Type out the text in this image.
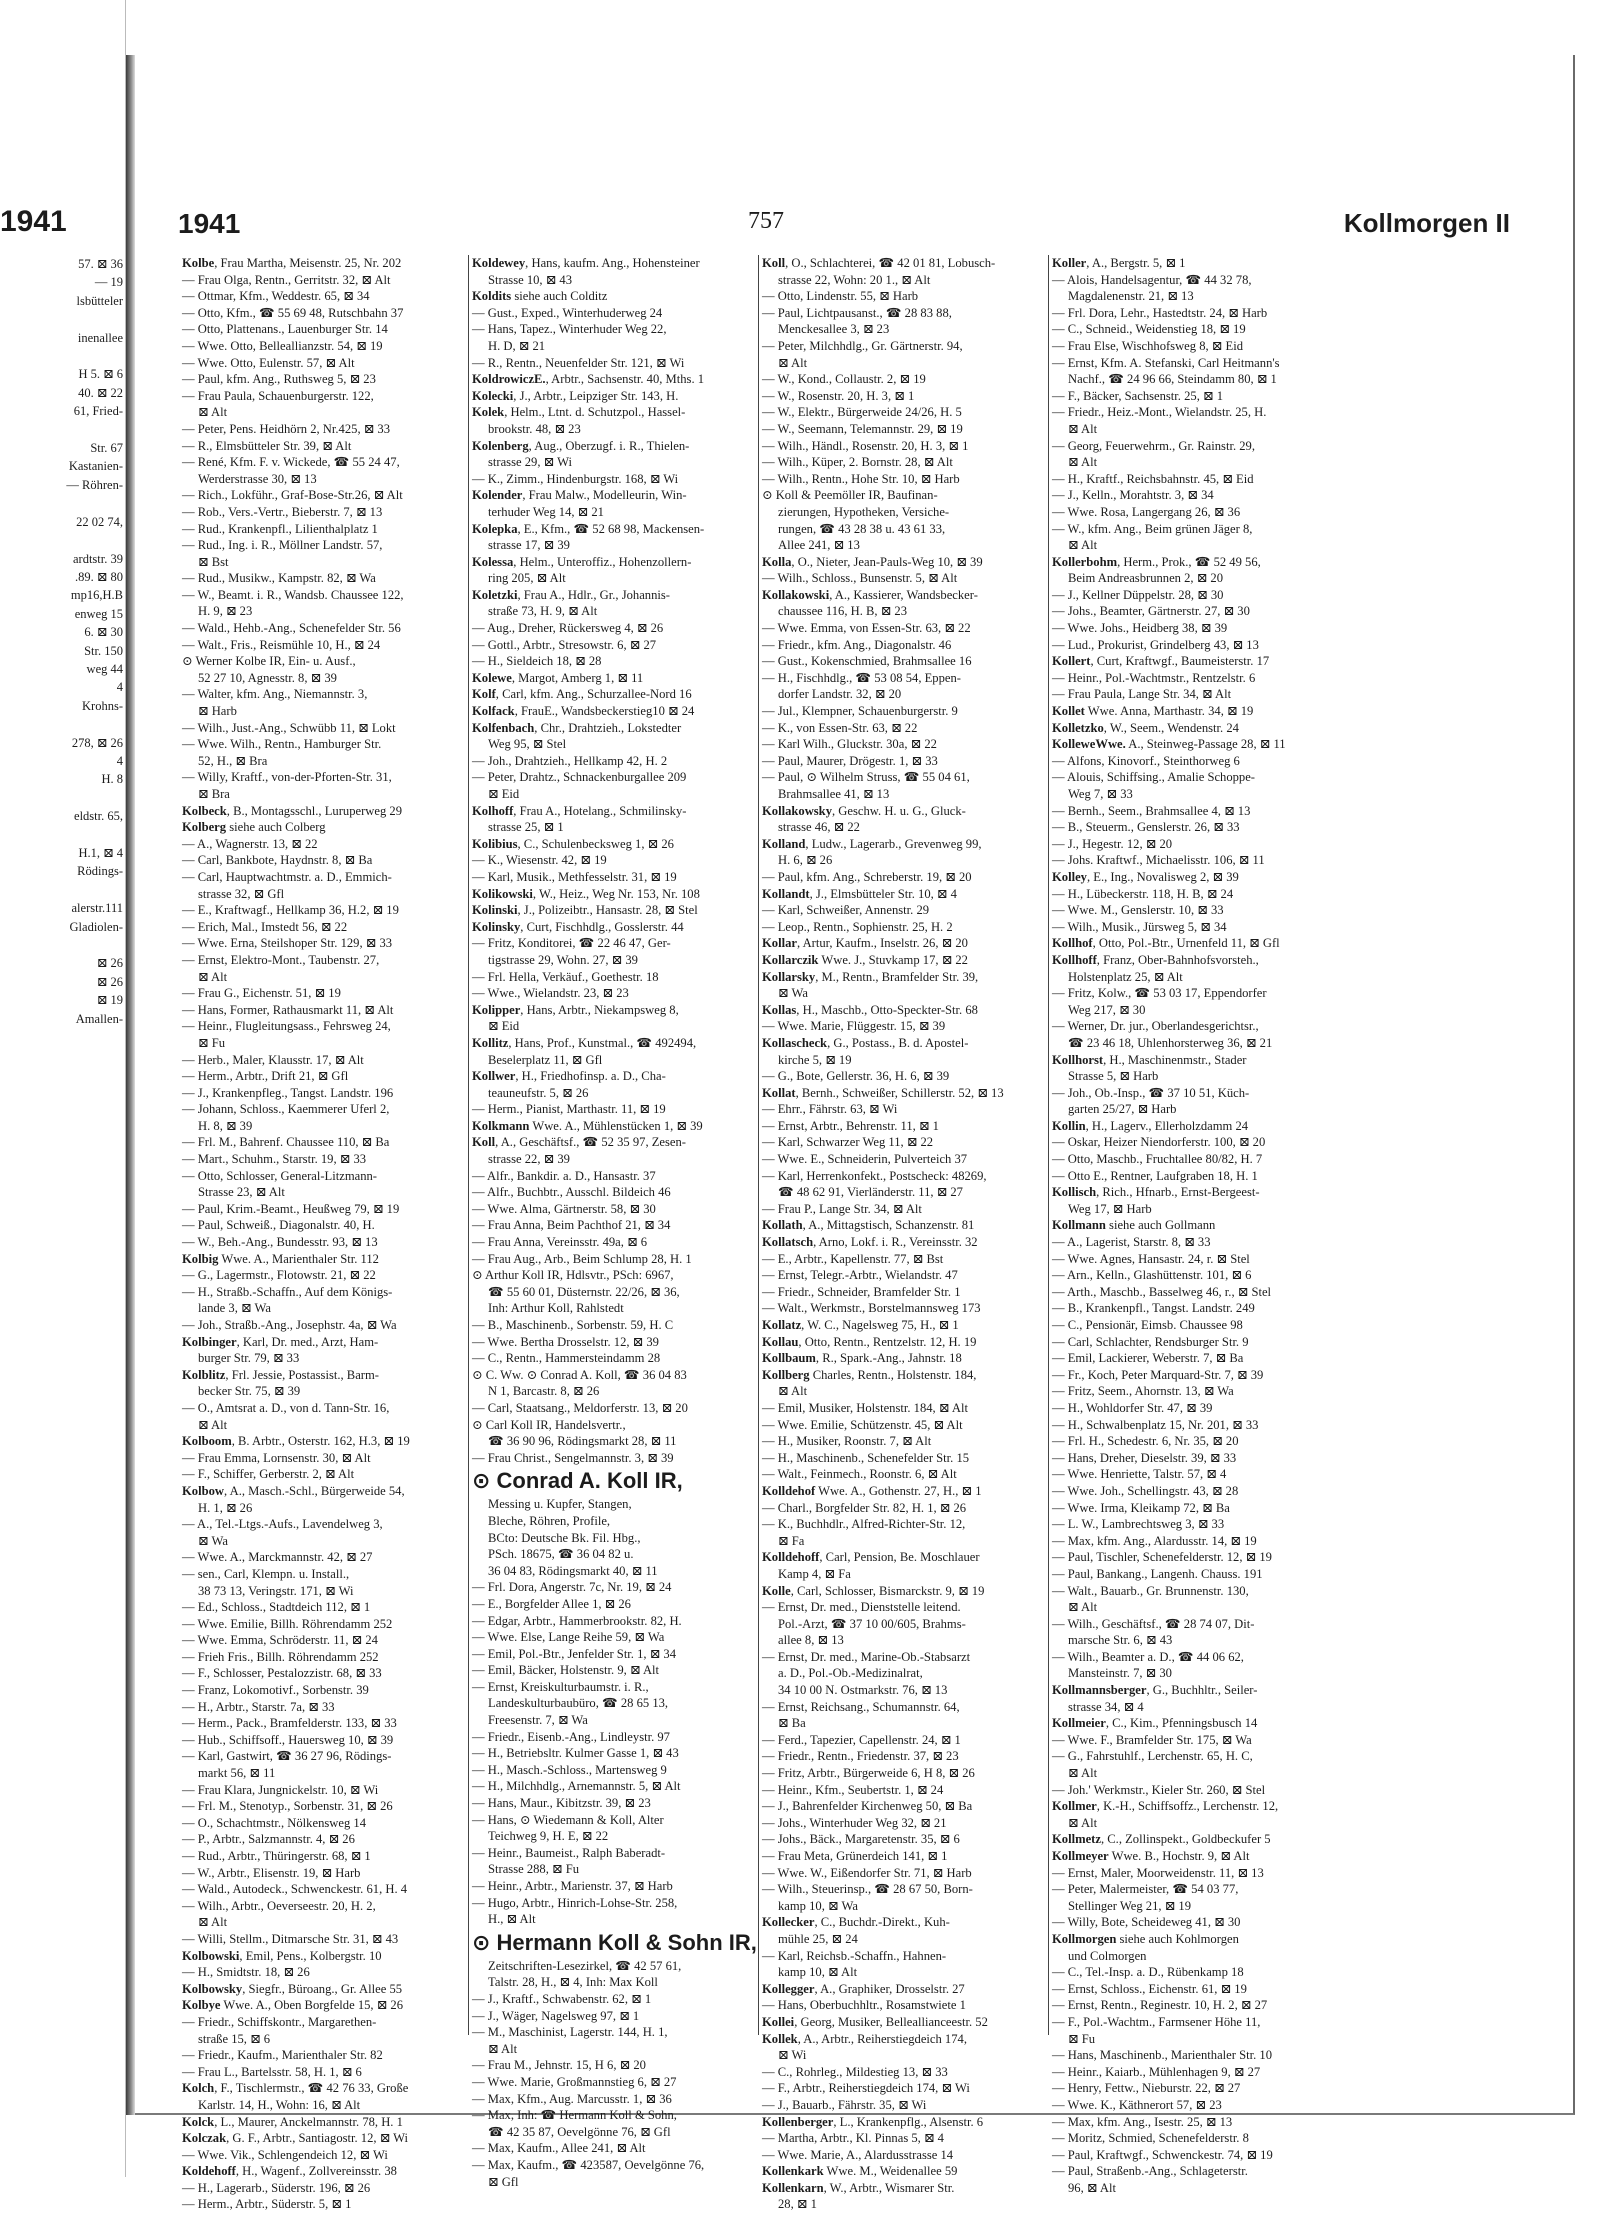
1941
57. ⊠ 36
— 19
lsbütteler

inenallee

H 5. ⊠ 6
40. ⊠ 22
61, Fried-

Str. 67
Kastanien-
— Röhren-

22 02 74,

ardtstr. 39
.89. ⊠ 80
mp16,H.B
enweg 15
6. ⊠ 30
Str. 150
weg 44
4
Krohns-

278, ⊠ 26
4
H. 8

eldstr. 65,

H.1, ⊠ 4
Rödings-

alerstr.111
Gladiolen-

⊠ 26
⊠ 26
⊠ 19
Amallen-
1941	757	Kollmorgen II
Kolbe, Frau Martha, Meisenstr. 25, Nr. 202
— Frau Olga, Rentn., Gerritstr. 32, ⊠ Alt
— Ottmar, Kfm., Weddestr. 65, ⊠ 34
— Otto, Kfm., ☎ 55 69 48, Rutschbahn 37
— Otto, Plattenans., Lauenburger Str. 14
— Wwe. Otto, Belleallianzstr. 54, ⊠ 19
— Wwe. Otto, Eulenstr. 57, ⊠ Alt
— Paul, kfm. Ang., Ruthsweg 5, ⊠ 23
— Frau Paula, Schauenburgerstr. 122,
⊠ Alt
— Peter, Pens. Heidhörn 2, Nr.425, ⊠ 33
— R., Elmsbütteler Str. 39, ⊠ Alt
— René, Kfm. F. v. Wickede, ☎ 55 24 47,
Werderstrasse 30, ⊠ 13
— Rich., Lokführ., Graf-Bose-Str.26, ⊠ Alt
— Rob., Vers.-Vertr., Bieberstr. 7, ⊠ 13
— Rud., Krankenpfl., Lilienthalplatz 1
— Rud., Ing. i. R., Möllner Landstr. 57,
⊠ Bst
— Rud., Musikw., Kampstr. 82, ⊠ Wa
— W., Beamt. i. R., Wandsb. Chaussee 122,
H. 9, ⊠ 23
— Wald., Hehb.-Ang., Schenefelder Str. 56
— Walt., Fris., Reismühle 10, H., ⊠ 24
⊙ Werner Kolbe IR, Ein- u. Ausf.,
52 27 10, Agnesstr. 8, ⊠ 39
— Walter, kfm. Ang., Niemannstr. 3,
⊠ Harb
— Wilh., Just.-Ang., Schwübb 11, ⊠ Lokt
— Wwe. Wilh., Rentn., Hamburger Str.
52, H., ⊠ Bra
— Willy, Kraftf., von-der-Pforten-Str. 31,
⊠ Bra
Kolbeck, B., Montagsschl., Luruperweg 29
Kolberg siehe auch Colberg
— A., Wagnerstr. 13, ⊠ 22
— Carl, Bankbote, Haydnstr. 8, ⊠ Ba
— Carl, Hauptwachtmstr. a. D., Emmich-
strasse 32, ⊠ Gfl
— E., Kraftwagf., Hellkamp 36, H.2, ⊠ 19
— Erich, Mal., Imstedt 56, ⊠ 22
— Wwe. Erna, Steilshoper Str. 129, ⊠ 33
— Ernst, Elektro-Mont., Taubenstr. 27,
⊠ Alt
— Frau G., Eichenstr. 51, ⊠ 19
— Hans, Former, Rathausmarkt 11, ⊠ Alt
— Heinr., Flugleitungsass., Fehrsweg 24,
⊠ Fu
— Herb., Maler, Klausstr. 17, ⊠ Alt
— Herm., Arbtr., Drift 21, ⊠ Gfl
— J., Krankenpfleg., Tangst. Landstr. 196
— Johann, Schloss., Kaemmerer Uferl 2,
H. 8, ⊠ 39
— Frl. M., Bahrenf. Chaussee 110, ⊠ Ba
— Mart., Schuhm., Starstr. 19, ⊠ 33
— Otto, Schlosser, General-Litzmann-
Strasse 23, ⊠ Alt
— Paul, Krim.-Beamt., Heußweg 79, ⊠ 19
— Paul, Schweiß., Diagonalstr. 40, H.
— W., Beh.-Ang., Bundesstr. 93, ⊠ 13
Kolbig Wwe. A., Marienthaler Str. 112
— G., Lagermstr., Flotowstr. 21, ⊠ 22
— H., Straßb.-Schaffn., Auf dem Königs-
lande 3, ⊠ Wa
— Joh., Straßb.-Ang., Josephstr. 4a, ⊠ Wa
Kolbinger, Karl, Dr. med., Arzt, Ham-
burger Str. 79, ⊠ 33
Kolblitz, Frl. Jessie, Postassist., Barm-
becker Str. 75, ⊠ 39
— O., Amtsrat a. D., von d. Tann-Str. 16,
⊠ Alt
Kolboom, B. Arbtr., Osterstr. 162, H.3, ⊠ 19
— Frau Emma, Lornsenstr. 30, ⊠ Alt
— F., Schiffer, Gerberstr. 2, ⊠ Alt
Kolbow, A., Masch.-Schl., Bürgerweide 54,
H. 1, ⊠ 26
— A., Tel.-Ltgs.-Aufs., Lavendelweg 3,
⊠ Wa
— Wwe. A., Marckmannstr. 42, ⊠ 27
— sen., Carl, Klempn. u. Install.,
38 73 13, Veringstr. 171, ⊠ Wi
— Ed., Schloss., Stadtdeich 112, ⊠ 1
— Wwe. Emilie, Billh. Röhrendamm 252
— Wwe. Emma, Schröderstr. 11, ⊠ 24
— Frieh Fris., Billh. Röhrendamm 252
— F., Schlosser, Pestalozzistr. 68, ⊠ 33
— Franz, Lokomotivf., Sorbenstr. 39
— H., Arbtr., Starstr. 7a, ⊠ 33
— Herm., Pack., Bramfelderstr. 133, ⊠ 33
— Hub., Schiffsoff., Hauersweg 10, ⊠ 39
— Karl, Gastwirt, ☎ 36 27 96, Rödings-
markt 56, ⊠ 11
— Frau Klara, Jungnickelstr. 10, ⊠ Wi
— Frl. M., Stenotyp., Sorbenstr. 31, ⊠ 26
— O., Schachtmstr., Nölkensweg 14
— P., Arbtr., Salzmannstr. 4, ⊠ 26
— Rud., Arbtr., Thüringerstr. 68, ⊠ 1
— W., Arbtr., Elisenstr. 19, ⊠ Harb
— Wald., Autodeck., Schwenckestr. 61, H. 4
— Wilh., Arbtr., Oeverseestr. 20, H. 2,
⊠ Alt
— Willi, Stellm., Ditmarsche Str. 31, ⊠ 43
Kolbowski, Emil, Pens., Kolbergstr. 10
— H., Smidtstr. 18, ⊠ 26
Kolbowsky, Siegfr., Büroang., Gr. Allee 55
Kolbye Wwe. A., Oben Borgfelde 15, ⊠ 26
— Friedr., Schiffskontr., Margarethen-
straße 15, ⊠ 6
— Friedr., Kaufm., Marienthaler Str. 82
— Frau L., Bartelsstr. 58, H. 1, ⊠ 6
Kolch, F., Tischlermstr., ☎ 42 76 33, Große
Karlstr. 14, H., Wohn: 16, ⊠ Alt
Kolck, L., Maurer, Anckelmannstr. 78, H. 1
Kolczak, G. F., Arbtr., Santiagostr. 12, ⊠ Wi
— Wwe. Vik., Schlengendeich 12, ⊠ Wi
Koldehoff, H., Wagenf., Zollvereinsstr. 38
— H., Lagerarb., Süderstr. 196, ⊠ 26
— Herm., Arbtr., Süderstr. 5, ⊠ 1
Koldewey, Hans, kaufm. Ang., Hohensteiner
Strasse 10, ⊠ 43
Koldits siehe auch Colditz
— Gust., Exped., Winterhuderweg 24
— Hans, Tapez., Winterhuder Weg 22,
H. D, ⊠ 21
— R., Rentn., Neuenfelder Str. 121, ⊠ Wi
KoldrowiczE., Arbtr., Sachsenstr. 40, Mths. 1
Kolecki, J., Arbtr., Leipziger Str. 143, H.
Kolek, Helm., Ltnt. d. Schutzpol., Hassel-
brookstr. 48, ⊠ 23
Kolenberg, Aug., Oberzugf. i. R., Thielen-
strasse 29, ⊠ Wi
— K., Zimm., Hindenburgstr. 168, ⊠ Wi
Kolender, Frau Malw., Modelleurin, Win-
terhuder Weg 14, ⊠ 21
Kolepka, E., Kfm., ☎ 52 68 98, Mackensen-
strasse 17, ⊠ 39
Kolessa, Helm., Unteroffiz., Hohenzollern-
ring 205, ⊠ Alt
Koletzki, Frau A., Hdlr., Gr., Johannis-
straße 73, H. 9, ⊠ Alt
— Aug., Dreher, Rückersweg 4, ⊠ 26
— Gottl., Arbtr., Stresowstr. 6, ⊠ 27
— H., Sieldeich 18, ⊠ 28
Kolewe, Margot, Amberg 1, ⊠ 11
Kolf, Carl, kfm. Ang., Schurzallee-Nord 16
Kolfack, FrauE., Wandsbeckerstieg10 ⊠ 24
Kolfenbach, Chr., Drahtzieh., Lokstedter
Weg 95, ⊠ Stel
— Joh., Drahtzieh., Hellkamp 42, H. 2
— Peter, Drahtz., Schnackenburgallee 209
⊠ Eid
Kolhoff, Frau A., Hotelang., Schmilinsky-
strasse 25, ⊠ 1
Kolibius, C., Schulenbecksweg 1, ⊠ 26
— K., Wiesenstr. 42, ⊠ 19
— Karl, Musik., Methfesselstr. 31, ⊠ 19
Kolikowski, W., Heiz., Weg Nr. 153, Nr. 108
Kolinski, J., Polizeibtr., Hansastr. 28, ⊠ Stel
Kolinsky, Curt, Fischhdlg., Gosslerstr. 44
— Fritz, Konditorei, ☎ 22 46 47, Ger-
tigstrasse 29, Wohn. 27, ⊠ 39
— Frl. Hella, Verkäuf., Goethestr. 18
— Wwe., Wielandstr. 23, ⊠ 23
Kolipper, Hans, Arbtr., Niekampsweg 8,
⊠ Eid
Kollitz, Hans, Prof., Kunstmal., ☎ 492494,
Beselerplatz 11, ⊠ Gfl
Kollwer, H., Friedhofinsp. a. D., Cha-
teauneufstr. 5, ⊠ 26
— Herm., Pianist, Marthastr. 11, ⊠ 19
Kolkmann Wwe. A., Mühlenstücken 1, ⊠ 39
Koll, A., Geschäftsf., ☎ 52 35 97, Zesen-
strasse 22, ⊠ 39
— Alfr., Bankdir. a. D., Hansastr. 37
— Alfr., Buchbtr., Ausschl. Bildeich 46
— Wwe. Alma, Gärtnerstr. 58, ⊠ 30
— Frau Anna, Beim Pachthof 21, ⊠ 34
— Frau Anna, Vereinsstr. 49a, ⊠ 6
— Frau Aug., Arb., Beim Schlump 28, H. 1
⊙ Arthur Koll IR, Hdlsvtr., PSch: 6967,
☎ 55 60 01, Düsternstr. 22/26, ⊠ 36,
Inh: Arthur Koll, Rahlstedt
— B., Maschinenb., Sorbenstr. 59, H. C
— Wwe. Bertha Drosselstr. 12, ⊠ 39
— C., Rentn., Hammersteindamm 28
⊙ C. Ww. ⊙ Conrad A. Koll, ☎ 36 04 83
N 1, Barcastr. 8, ⊠ 26
— Carl, Staatsang., Meldorferstr. 13, ⊠ 20
⊙ Carl Koll IR, Handelsvertr.,
☎ 36 90 96, Rödingsmarkt 28, ⊠ 11
— Frau Christ., Sengelmannstr. 3, ⊠ 39
⊙ Conrad A. Koll IR,
Messing u. Kupfer, Stangen,
Bleche, Röhren, Profile,
BCto: Deutsche Bk. Fil. Hbg.,
PSch. 18675, ☎ 36 04 82 u.
36 04 83, Rödingsmarkt 40, ⊠ 11
— Frl. Dora, Angerstr. 7c, Nr. 19, ⊠ 24
— E., Borgfelder Allee 1, ⊠ 26
— Edgar, Arbtr., Hammerbrookstr. 82, H.
— Wwe. Else, Lange Reihe 59, ⊠ Wa
— Emil, Pol.-Btr., Jenfelder Str. 1, ⊠ 34
— Emil, Bäcker, Holstenstr. 9, ⊠ Alt
— Ernst, Kreiskulturbaumstr. i. R.,
Landeskulturbaubüro, ☎ 28 65 13,
Freesenstr. 7, ⊠ Wa
— Friedr., Eisenb.-Ang., Lindleystr. 97
— H., Betriebsltr. Kulmer Gasse 1, ⊠ 43
— H., Masch.-Schloss., Martensweg 9
— H., Milchhdlg., Arnemannstr. 5, ⊠ Alt
— Hans, Maur., Kibitzstr. 39, ⊠ 23
— Hans, ⊙ Wiedemann & Koll, Alter
Teichweg 9, H. E, ⊠ 22
— Heinr., Baumeist., Ralph Baberadt-
Strasse 288, ⊠ Fu
— Heinr., Arbtr., Marienstr. 37, ⊠ Harb
— Hugo, Arbtr., Hinrich-Lohse-Str. 258,
H., ⊠ Alt
⊙ Hermann Koll & Sohn IR,
Zeitschriften-Lesezirkel, ☎ 42 57 61,
Talstr. 28, H., ⊠ 4, Inh: Max Koll
— J., Kraftf., Schwabenstr. 62, ⊠ 1
— J., Wäger, Nagelsweg 97, ⊠ 1
— M., Maschinist, Lagerstr. 144, H. 1,
⊠ Alt
— Frau M., Jehnstr. 15, H 6, ⊠ 20
— Wwe. Marie, Großmannstieg 6, ⊠ 27
— Max, Kfm., Aug. Marcusstr. 1, ⊠ 36
— Max, Inh: ☎ Hermann Koll & Sohn,
☎ 42 35 87, Oevelgönne 76, ⊠ Gfl
— Max, Kaufm., Allee 241, ⊠ Alt
— Max, Kaufm., ☎ 423587, Oevelgönne 76,
⊠ Gfl
Koll, O., Schlachterei, ☎ 42 01 81, Lobusch-
strasse 22, Wohn: 20 1., ⊠ Alt
— Otto, Lindenstr. 55, ⊠ Harb
— Paul, Lichtpausanst., ☎ 28 83 88,
Menckesallee 3, ⊠ 23
— Peter, Milchhdlg., Gr. Gärtnerstr. 94,
⊠ Alt
— W., Kond., Collaustr. 2, ⊠ 19
— W., Rosenstr. 20, H. 3, ⊠ 1
— W., Elektr., Bürgerweide 24/26, H. 5
— W., Seemann, Telemannstr. 29, ⊠ 19
— Wilh., Händl., Rosenstr. 20, H. 3, ⊠ 1
— Wilh., Küper, 2. Bornstr. 28, ⊠ Alt
— Wilh., Rentn., Hohe Str. 10, ⊠ Harb
⊙ Koll & Peemöller IR, Baufinan-
zierungen, Hypotheken, Versiche-
rungen, ☎ 43 28 38 u. 43 61 33,
Allee 241, ⊠ 13
Kolla, O., Nieter, Jean-Pauls-Weg 10, ⊠ 39
— Wilh., Schloss., Bunsenstr. 5, ⊠ Alt
Kollakowski, A., Kassierer, Wandsbecker-
chaussee 116, H. B, ⊠ 23
— Wwe. Emma, von Essen-Str. 63, ⊠ 22
— Friedr., kfm. Ang., Diagonalstr. 46
— Gust., Kokenschmied, Brahmsallee 16
— H., Fischhdlg., ☎ 53 08 54, Eppen-
dorfer Landstr. 32, ⊠ 20
— Jul., Klempner, Schauenburgerstr. 9
— K., von Essen-Str. 63, ⊠ 22
— Karl Wilh., Gluckstr. 30a, ⊠ 22
— Paul, Maurer, Drögestr. 1, ⊠ 33
— Paul, ⊙ Wilhelm Struss, ☎ 55 04 61,
Brahmsallee 41, ⊠ 13
Kollakowsky, Geschw. H. u. G., Gluck-
strasse 46, ⊠ 22
Kolland, Ludw., Lagerarb., Grevenweg 99,
H. 6, ⊠ 26
— Paul, kfm. Ang., Schreberstr. 19, ⊠ 20
Kollandt, J., Elmsbütteler Str. 10, ⊠ 4
— Karl, Schweißer, Annenstr. 29
— Leop., Rentn., Sophienstr. 25, H. 2
Kollar, Artur, Kaufm., Inselstr. 26, ⊠ 20
Kollarczik Wwe. J., Stuvkamp 17, ⊠ 22
Kollarsky, M., Rentn., Bramfelder Str. 39,
⊠ Wa
Kollas, H., Maschb., Otto-Speckter-Str. 68
— Wwe. Marie, Flüggestr. 15, ⊠ 39
Kollascheck, G., Postass., B. d. Apostel-
kirche 5, ⊠ 19
— G., Bote, Gellerstr. 36, H. 6, ⊠ 39
Kollat, Bernh., Schweißer, Schillerstr. 52, ⊠ 13
— Ehrr., Fährstr. 63, ⊠ Wi
— Ernst, Arbtr., Behrenstr. 11, ⊠ 1
— Karl, Schwarzer Weg 11, ⊠ 22
— Wwe. E., Schneiderin, Pulverteich 37
— Karl, Herrenkonfekt., Postscheck: 48269,
☎ 48 62 91, Vierländerstr. 11, ⊠ 27
— Frau P., Lange Str. 34, ⊠ Alt
Kollath, A., Mittagstisch, Schanzenstr. 81
Kollatsch, Arno, Lokf. i. R., Vereinsstr. 32
— E., Arbtr., Kapellenstr. 77, ⊠ Bst
— Ernst, Telegr.-Arbtr., Wielandstr. 47
— Friedr., Schneider, Bramfelder Str. 1
— Walt., Werkmstr., Borstelmannsweg 173
Kollatz, W. C., Nagelsweg 75, H., ⊠ 1
Kollau, Otto, Rentn., Rentzelstr. 12, H. 19
Kollbaum, R., Spark.-Ang., Jahnstr. 18
Kollberg Charles, Rentn., Holstenstr. 184,
⊠ Alt
— Emil, Musiker, Holstenstr. 184, ⊠ Alt
— Wwe. Emilie, Schützenstr. 45, ⊠ Alt
— H., Musiker, Roonstr. 7, ⊠ Alt
— H., Maschinenb., Schenefelder Str. 15
— Walt., Feinmech., Roonstr. 6, ⊠ Alt
Kolldehof Wwe. A., Gothenstr. 27, H., ⊠ 1
— Charl., Borgfelder Str. 82, H. 1, ⊠ 26
— K., Buchhdlr., Alfred-Richter-Str. 12,
⊠ Fa
Kolldehoff, Carl, Pension, Be. Moschlauer
Kamp 4, ⊠ Fa
Kolle, Carl, Schlosser, Bismarckstr. 9, ⊠ 19
— Ernst, Dr. med., Dienststelle leitend.
Pol.-Arzt, ☎ 37 10 00/605, Brahms-
allee 8, ⊠ 13
— Ernst, Dr. med., Marine-Ob.-Stabsarzt
a. D., Pol.-Ob.-Medizinalrat,
34 10 00 N. Ostmarkstr. 76, ⊠ 13
— Ernst, Reichsang., Schumannstr. 64,
⊠ Ba
— Ferd., Tapezier, Capellenstr. 24, ⊠ 1
— Friedr., Rentn., Friedenstr. 37, ⊠ 23
— Fritz, Arbtr., Bürgerweide 6, H 8, ⊠ 26
— Heinr., Kfm., Seubertstr. 1, ⊠ 24
— J., Bahrenfelder Kirchenweg 50, ⊠ Ba
— Johs., Winterhuder Weg 32, ⊠ 21
— Johs., Bäck., Margaretenstr. 35, ⊠ 6
— Frau Meta, Grünerdeich 141, ⊠ 1
— Wwe. W., Eißendorfer Str. 71, ⊠ Harb
— Wilh., Steuerinsp., ☎ 28 67 50, Born-
kamp 10, ⊠ Wa
Kollecker, C., Buchdr.-Direkt., Kuh-
mühle 25, ⊠ 24
— Karl, Reichsb.-Schaffn., Hahnen-
kamp 10, ⊠ Alt
Kollegger, A., Graphiker, Drosselstr. 27
— Hans, Oberbuchhltr., Rosamstwiete 1
Kollei, Georg, Musiker, Belleallianceestr. 52
Kollek, A., Arbtr., Reiherstiegdeich 174,
⊠ Wi
— C., Rohrleg., Mildestieg 13, ⊠ 33
— F., Arbtr., Reiherstiegdeich 174, ⊠ Wi
— J., Bauarb., Fährstr. 35, ⊠ Wi
Kollenberger, L., Krankenpflg., Alsenstr. 6
— Martha, Arbtr., Kl. Pinnas 5, ⊠ 4
— Wwe. Marie, A., Alardusstrasse 14
Kollenkark Wwe. M., Weidenallee 59
Kollenkarn, W., Arbtr., Wismarer Str.
28, ⊠ 1
Koller, A., Bergstr. 5, ⊠ 1
— Alois, Handelsagentur, ☎ 44 32 78,
Magdalenenstr. 21, ⊠ 13
— Frl. Dora, Lehr., Hastedtstr. 24, ⊠ Harb
— C., Schneid., Weidenstieg 18, ⊠ 19
— Frau Else, Wischhofsweg 8, ⊠ Eid
— Ernst, Kfm. A. Stefanski, Carl Heitmann's
Nachf., ☎ 24 96 66, Steindamm 80, ⊠ 1
— F., Bäcker, Sachsenstr. 25, ⊠ 1
— Friedr., Heiz.-Mont., Wielandstr. 25, H.
⊠ Alt
— Georg, Feuerwehrm., Gr. Rainstr. 29,
⊠ Alt
— H., Kraftf., Reichsbahnstr. 45, ⊠ Eid
— J., Kelln., Morahtstr. 3, ⊠ 34
— Wwe. Rosa, Langergang 26, ⊠ 36
— W., kfm. Ang., Beim grünen Jäger 8,
⊠ Alt
Kollerbohm, Herm., Prok., ☎ 52 49 56,
Beim Andreasbrunnen 2, ⊠ 20
— J., Kellner Düppelstr. 28, ⊠ 30
— Johs., Beamter, Gärtnerstr. 27, ⊠ 30
— Wwe. Johs., Heidberg 38, ⊠ 39
— Lud., Prokurist, Grindelberg 43, ⊠ 13
Kollert, Curt, Kraftwgf., Baumeisterstr. 17
— Heinr., Pol.-Wachtmstr., Rentzelstr. 6
— Frau Paula, Lange Str. 34, ⊠ Alt
Kollet Wwe. Anna, Marthastr. 34, ⊠ 19
Kolletzko, W., Seem., Wendenstr. 24
KolleweWwe. A., Steinweg-Passage 28, ⊠ 11
— Alfons, Kinovorf., Steinthorweg 6
— Alouis, Schiffsing., Amalie Schoppe-
Weg 7, ⊠ 33
— Bernh., Seem., Brahmsallee 4, ⊠ 13
— B., Steuerm., Genslerstr. 26, ⊠ 33
— J., Hegestr. 12, ⊠ 20
— Johs. Kraftwf., Michaelisstr. 106, ⊠ 11
Kolley, E., Ing., Novalisweg 2, ⊠ 39
— H., Lübeckerstr. 118, H. B, ⊠ 24
— Wwe. M., Genslerstr. 10, ⊠ 33
— Wilh., Musik., Jürsweg 5, ⊠ 34
Kollhof, Otto, Pol.-Btr., Urnenfeld 11, ⊠ Gfl
Kollhoff, Franz, Ober-Bahnhofsvorsteh.,
Holstenplatz 25, ⊠ Alt
— Fritz, Kolw., ☎ 53 03 17, Eppendorfer
Weg 217, ⊠ 30
— Werner, Dr. jur., Oberlandesgerichtsr.,
☎ 23 46 18, Uhlenhorsterweg 36, ⊠ 21
Kollhorst, H., Maschinenmstr., Stader
Strasse 5, ⊠ Harb
— Joh., Ob.-Insp., ☎ 37 10 51, Küch-
garten 25/27, ⊠ Harb
Kollin, H., Lagerv., Ellerholzdamm 24
— Oskar, Heizer Niendorferstr. 100, ⊠ 20
— Otto, Maschb., Fruchtallee 80/82, H. 7
— Otto E., Rentner, Laufgraben 18, H. 1
Kollisch, Rich., Hfnarb., Ernst-Bergeest-
Weg 17, ⊠ Harb
Kollmann siehe auch Gollmann
— A., Lagerist, Starstr. 8, ⊠ 33
— Wwe. Agnes, Hansastr. 24, r. ⊠ Stel
— Arn., Kelln., Glashüttenstr. 101, ⊠ 6
— Arth., Maschb., Basselweg 46, r., ⊠ Stel
— B., Krankenpfl., Tangst. Landstr. 249
— C., Pensionär, Eimsb. Chaussee 98
— Carl, Schlachter, Rendsburger Str. 9
— Emil, Lackierer, Weberstr. 7, ⊠ Ba
— Fr., Koch, Peter Marquard-Str. 7, ⊠ 39
— Fritz, Seem., Ahornstr. 13, ⊠ Wa
— H., Wohldorfer Str. 47, ⊠ 39
— H., Schwalbenplatz 15, Nr. 201, ⊠ 33
— Frl. H., Schedestr. 6, Nr. 35, ⊠ 20
— Hans, Dreher, Dieselstr. 39, ⊠ 33
— Wwe. Henriette, Talstr. 57, ⊠ 4
— Wwe. Joh., Schellingstr. 43, ⊠ 28
— Wwe. Irma, Kleikamp 72, ⊠ Ba
— L. W., Lambrechtsweg 3, ⊠ 33
— Max, kfm. Ang., Alardusstr. 14, ⊠ 19
— Paul, Tischler, Schenefelderstr. 12, ⊠ 19
— Paul, Bankang., Langenh. Chauss. 191
— Walt., Bauarb., Gr. Brunnenstr. 130,
⊠ Alt
— Wilh., Geschäftsf., ☎ 28 74 07, Dit-
marsche Str. 6, ⊠ 43
— Wilh., Beamter a. D., ☎ 44 06 62,
Mansteinstr. 7, ⊠ 30
Kollmannsberger, G., Buchhltr., Seiler-
strasse 34, ⊠ 4
Kollmeier, C., Kim., Pfenningsbusch 14
— Wwe. F., Bramfelder Str. 175, ⊠ Wa
— G., Fahrstuhlf., Lerchenstr. 65, H. C,
⊠ Alt
— Joh.' Werkmstr., Kieler Str. 260, ⊠ Stel
Kollmer, K.-H., Schiffsoffz., Lerchenstr. 12,
⊠ Alt
Kollmetz, C., Zollinspekt., Goldbeckufer 5
Kollmeyer Wwe. B., Hochstr. 9, ⊠ Alt
— Ernst, Maler, Moorweidenstr. 11, ⊠ 13
— Peter, Malermeister, ☎ 54 03 77,
Stellinger Weg 21, ⊠ 19
— Willy, Bote, Scheideweg 41, ⊠ 30
Kollmorgen siehe auch Kohlmorgen
und Colmorgen
— C., Tel.-Insp. a. D., Rübenkamp 18
— Ernst, Schloss., Eichenstr. 61, ⊠ 19
— Ernst, Rentn., Reginestr. 10, H. 2, ⊠ 27
— F., Pol.-Wachtm., Farmsener Höhe 11,
⊠ Fu
— Hans, Maschinenb., Marienthaler Str. 10
— Heinr., Kaiarb., Mühlenhagen 9, ⊠ 27
— Henry, Fettw., Nieburstr. 22, ⊠ 27
— Wwe. K., Käthnerort 57, ⊠ 23
— Max, kfm. Ang., Isestr. 25, ⊠ 13
— Moritz, Schmied, Schenefelderstr. 8
— Paul, Kraftwgf., Schwenckestr. 74, ⊠ 19
— Paul, Straßenb.-Ang., Schlageterstr.
96, ⊠ Alt
